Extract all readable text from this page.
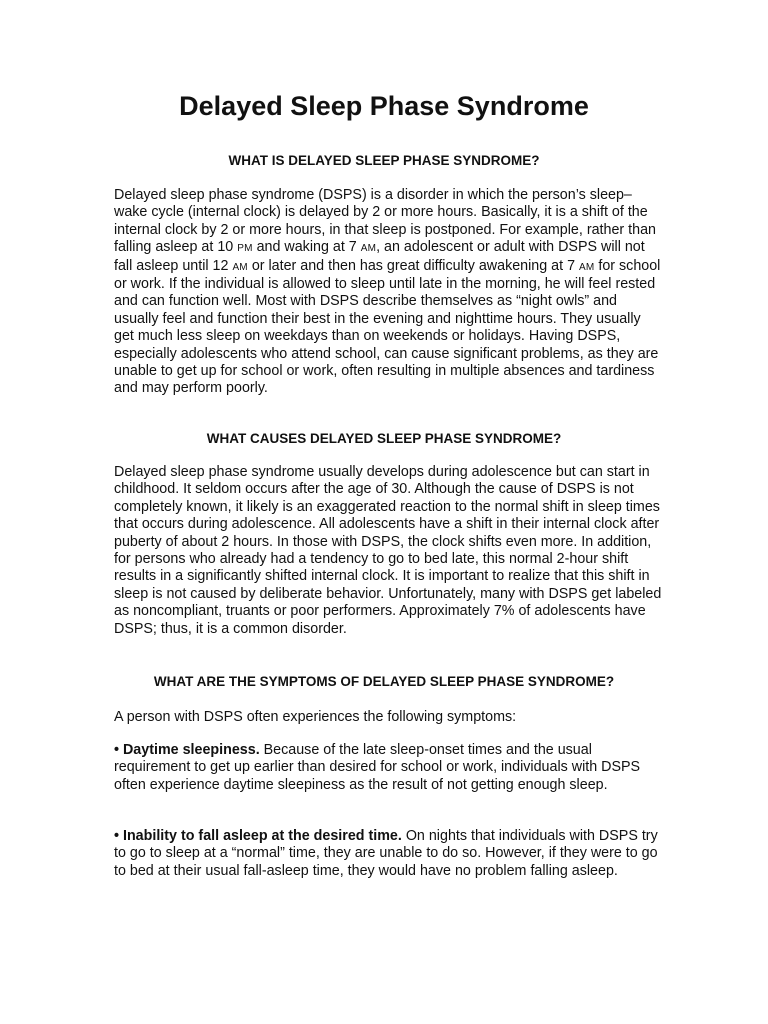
Delayed Sleep Phase Syndrome
WHAT IS DELAYED SLEEP PHASE SYNDROME?
Delayed sleep phase syndrome (DSPS) is a disorder in which the person’s sleep–wake cycle (internal clock) is delayed by 2 or more hours. Basically, it is a shift of the internal clock by 2 or more hours, in that sleep is postponed. For example, rather than falling asleep at 10 PM and waking at 7 AM, an adolescent or adult with DSPS will not fall asleep until 12 AM or later and then has great difficulty awakening at 7 AM for school or work. If the individual is allowed to sleep until late in the morning, he will feel rested and can function well. Most with DSPS describe themselves as “night owls” and usually feel and function their best in the evening and nighttime hours. They usually get much less sleep on weekdays than on weekends or holidays. Having DSPS, especially adolescents who attend school, can cause significant problems, as they are unable to get up for school or work, often resulting in multiple absences and tardiness and may perform poorly.
WHAT CAUSES DELAYED SLEEP PHASE SYNDROME?
Delayed sleep phase syndrome usually develops during adolescence but can start in childhood. It seldom occurs after the age of 30. Although the cause of DSPS is not completely known, it likely is an exaggerated reaction to the normal shift in sleep times that occurs during adolescence. All adolescents have a shift in their internal clock after puberty of about 2 hours. In those with DSPS, the clock shifts even more. In addition, for persons who already had a tendency to go to bed late, this normal 2-hour shift results in a significantly shifted internal clock. It is important to realize that this shift in sleep is not caused by deliberate behavior. Unfortunately, many with DSPS get labeled as noncompliant, truants or poor performers. Approximately 7% of adolescents have DSPS; thus, it is a common disorder.
WHAT ARE THE SYMPTOMS OF DELAYED SLEEP PHASE SYNDROME?
A person with DSPS often experiences the following symptoms:
• Daytime sleepiness. Because of the late sleep-onset times and the usual requirement to get up earlier than desired for school or work, individuals with DSPS often experience daytime sleepiness as the result of not getting enough sleep.
• Inability to fall asleep at the desired time. On nights that individuals with DSPS try to go to sleep at a “normal” time, they are unable to do so. However, if they were to go to bed at their usual fall-asleep time, they would have no problem falling asleep.
